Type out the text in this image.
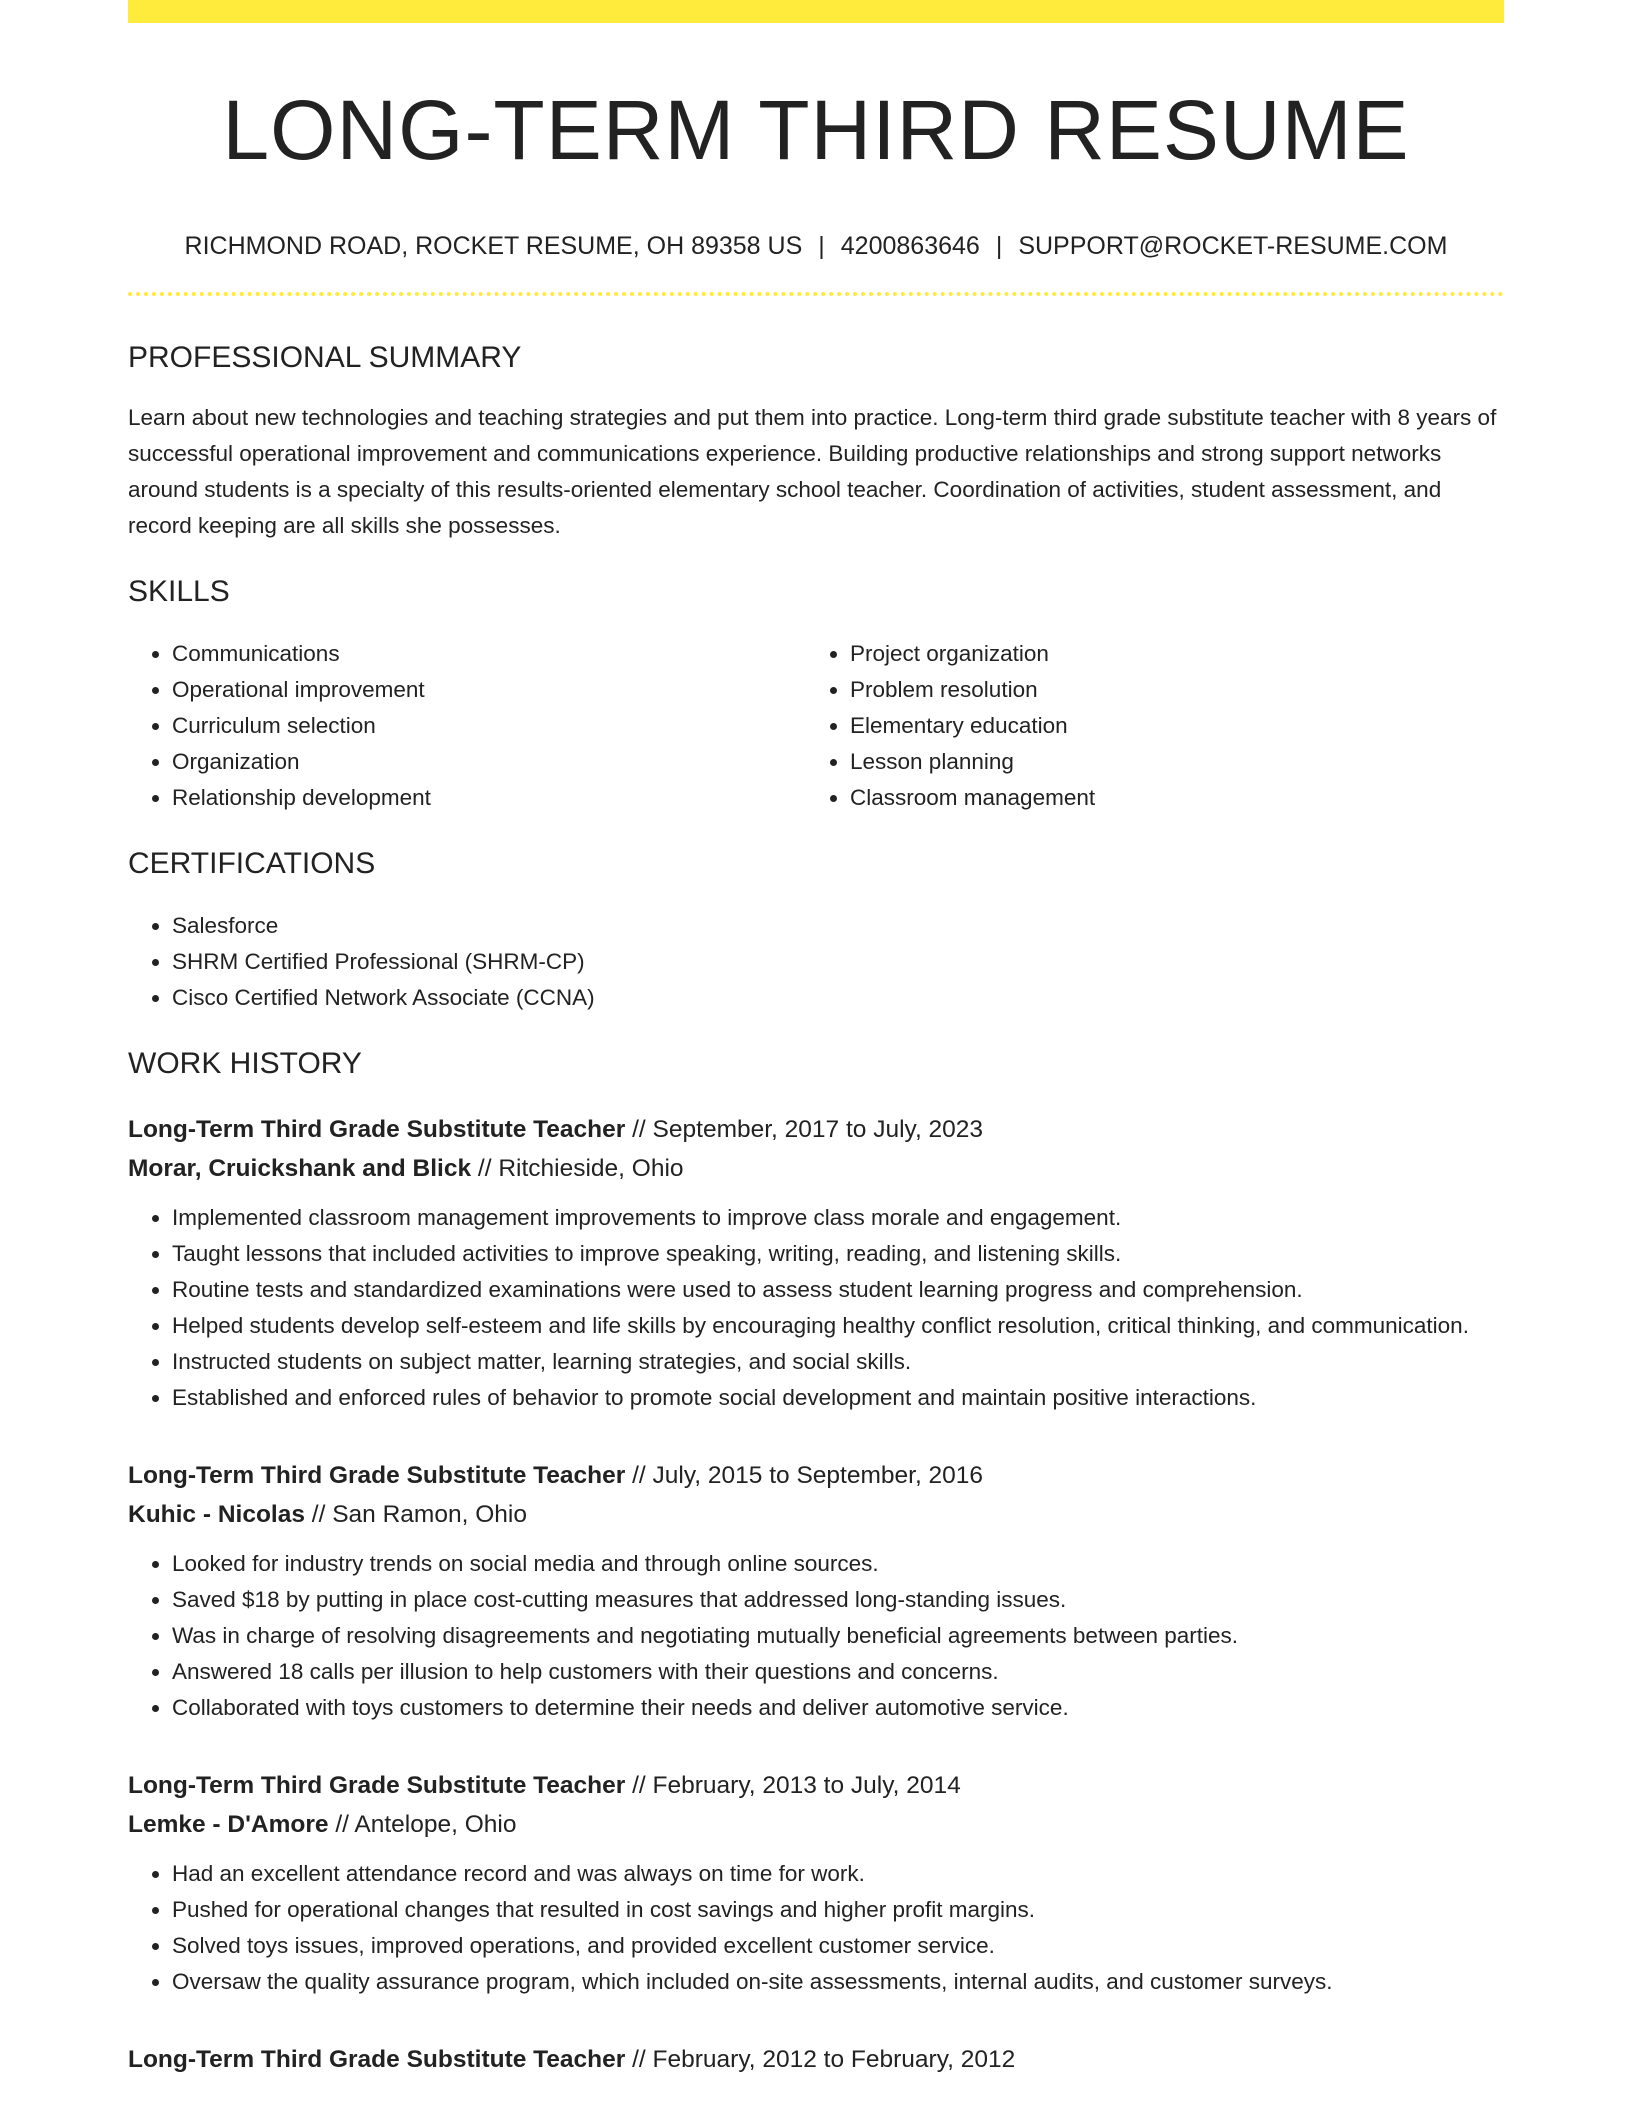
LONG-TERM THIRD RESUME
RICHMOND ROAD, ROCKET RESUME, OH 89358 US | 4200863646 | SUPPORT@ROCKET-RESUME.COM
PROFESSIONAL SUMMARY

Learn about new technologies and teaching strategies and put them into practice. Long-term third grade substitute teacher with 8 years of successful operational improvement and communications experience. Building productive relationships and strong support networks around students is a specialty of this results-oriented elementary school teacher. Coordination of activities, student assessment, and record keeping are all skills she possesses.

SKILLS
• Communications
• Operational improvement
• Curriculum selection
• Organization
• Relationship development
• Project organization
• Problem resolution
• Elementary education
• Lesson planning
• Classroom management
CERTIFICATIONS
• Salesforce
• SHRM Certified Professional (SHRM-CP)
• Cisco Certified Network Associate (CCNA)
WORK HISTORY
Long-Term Third Grade Substitute Teacher // September, 2017 to July, 2023
Morar, Cruickshank and Blick // Ritchieside, Ohio
• Implemented classroom management improvements to improve class morale and engagement.
• Taught lessons that included activities to improve speaking, writing, reading, and listening skills.
• Routine tests and standardized examinations were used to assess student learning progress and comprehension.
• Helped students develop self-esteem and life skills by encouraging healthy conflict resolution, critical thinking, and communication.
• Instructed students on subject matter, learning strategies, and social skills.
• Established and enforced rules of behavior to promote social development and maintain positive interactions.
Long-Term Third Grade Substitute Teacher // July, 2015 to September, 2016
Kuhic - Nicolas // San Ramon, Ohio
• Looked for industry trends on social media and through online sources.
• Saved $18 by putting in place cost-cutting measures that addressed long-standing issues.
• Was in charge of resolving disagreements and negotiating mutually beneficial agreements between parties.
• Answered 18 calls per illusion to help customers with their questions and concerns.
• Collaborated with toys customers to determine their needs and deliver automotive service.
Long-Term Third Grade Substitute Teacher // February, 2013 to July, 2014
Lemke - D'Amore // Antelope, Ohio
• Had an excellent attendance record and was always on time for work.
• Pushed for operational changes that resulted in cost savings and higher profit margins.
• Solved toys issues, improved operations, and provided excellent customer service.
• Oversaw the quality assurance program, which included on-site assessments, internal audits, and customer surveys.
Long-Term Third Grade Substitute Teacher // February, 2012 to February, 2012
